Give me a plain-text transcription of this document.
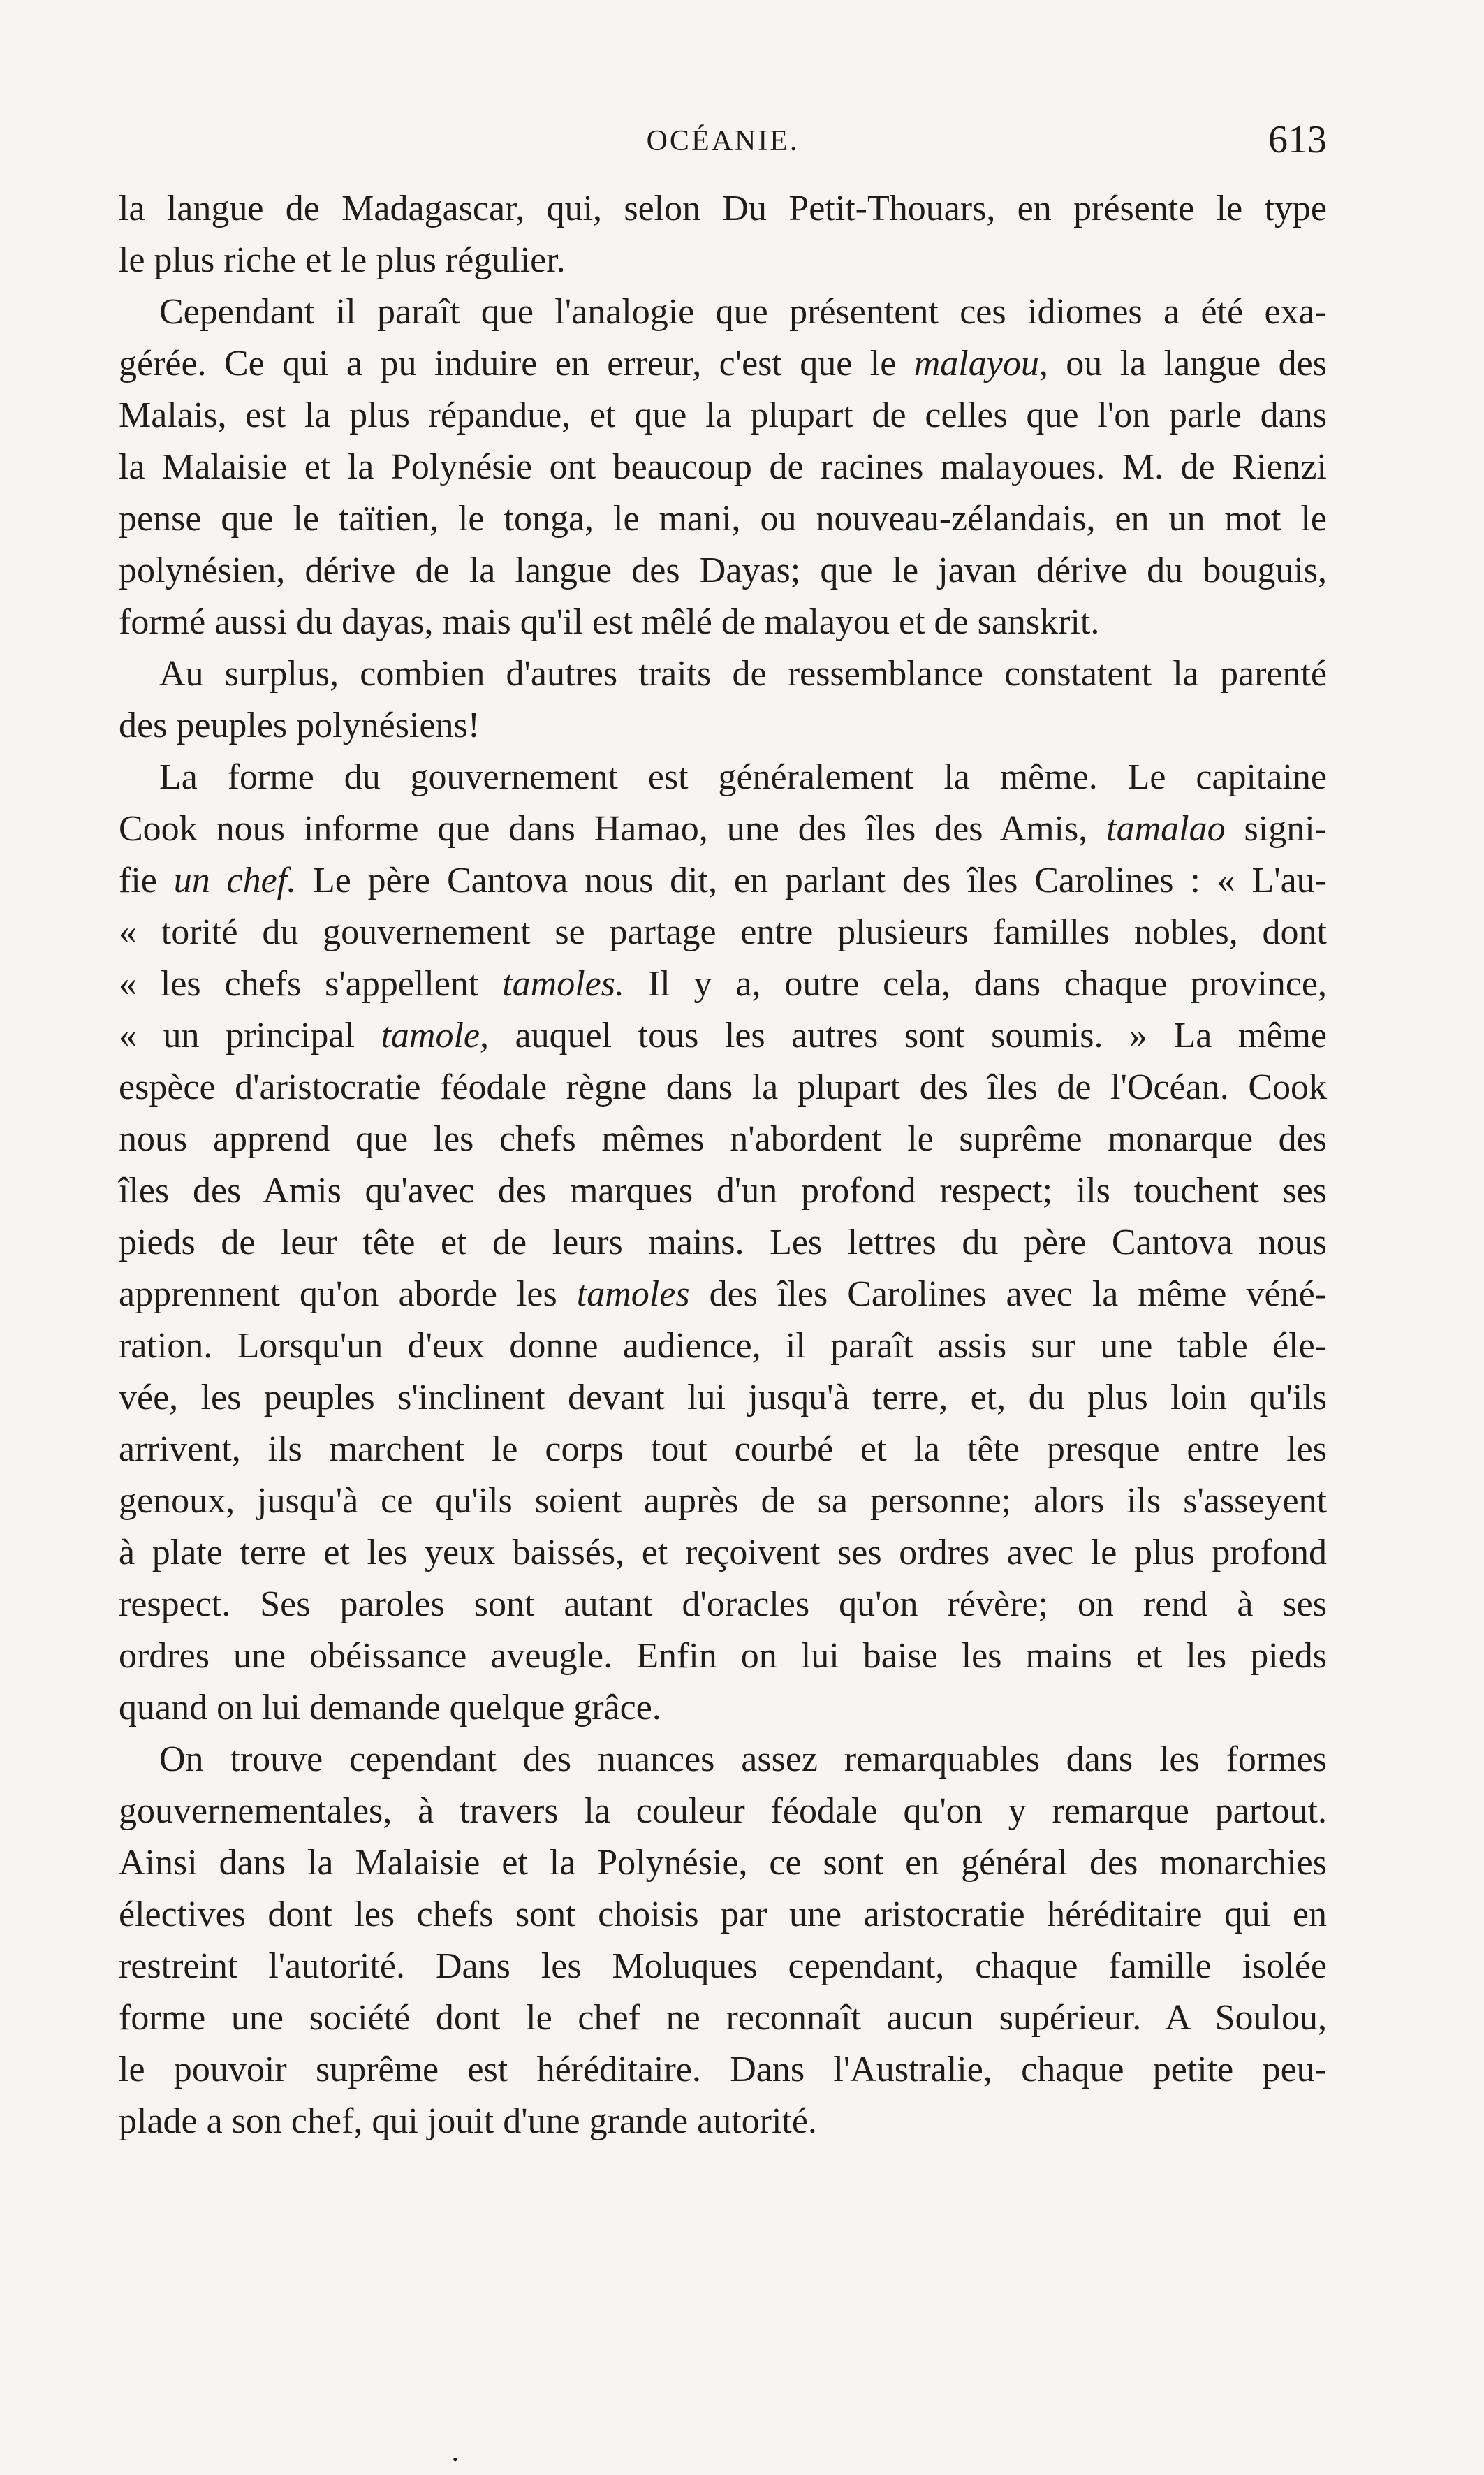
OCÉANIE.	613
la langue de Madagascar, qui, selon Du Petit-Thouars, en présente le type
le plus riche et le plus régulier.
Cependant il paraît que l'analogie que présentent ces idiomes a été exa-
gérée. Ce qui a pu induire en erreur, c'est que le malayou, ou la langue des
Malais, est la plus répandue, et que la plupart de celles que l'on parle dans
la Malaisie et la Polynésie ont beaucoup de racines malayoues. M. de Rienzi
pense que le taïtien, le tonga, le mani, ou nouveau-zélandais, en un mot le
polynésien, dérive de la langue des Dayas; que le javan dérive du bouguis,
formé aussi du dayas, mais qu'il est mêlé de malayou et de sanskrit.
Au surplus, combien d'autres traits de ressemblance constatent la parenté
des peuples polynésiens!
La forme du gouvernement est généralement la même. Le capitaine
Cook nous informe que dans Hamao, une des îles des Amis, tamalao signi-
fie un chef. Le père Cantova nous dit, en parlant des îles Carolines : « L'au-
« torité du gouvernement se partage entre plusieurs familles nobles, dont
« les chefs s'appellent tamoles. Il y a, outre cela, dans chaque province,
« un principal tamole, auquel tous les autres sont soumis. » La même
espèce d'aristocratie féodale règne dans la plupart des îles de l'Océan. Cook
nous apprend que les chefs mêmes n'abordent le suprême monarque des
îles des Amis qu'avec des marques d'un profond respect; ils touchent ses
pieds de leur tête et de leurs mains. Les lettres du père Cantova nous
apprennent qu'on aborde les tamoles des îles Carolines avec la même véné-
ration. Lorsqu'un d'eux donne audience, il paraît assis sur une table éle-
vée, les peuples s'inclinent devant lui jusqu'à terre, et, du plus loin qu'ils
arrivent, ils marchent le corps tout courbé et la tête presque entre les
genoux, jusqu'à ce qu'ils soient auprès de sa personne; alors ils s'asseyent
à plate terre et les yeux baissés, et reçoivent ses ordres avec le plus profond
respect. Ses paroles sont autant d'oracles qu'on révère; on rend à ses
ordres une obéissance aveugle. Enfin on lui baise les mains et les pieds
quand on lui demande quelque grâce.
On trouve cependant des nuances assez remarquables dans les formes
gouvernementales, à travers la couleur féodale qu'on y remarque partout.
Ainsi dans la Malaisie et la Polynésie, ce sont en général des monarchies
électives dont les chefs sont choisis par une aristocratie héréditaire qui en
restreint l'autorité. Dans les Moluques cependant, chaque famille isolée
forme une société dont le chef ne reconnaît aucun supérieur. A Soulou,
le pouvoir suprême est héréditaire. Dans l'Australie, chaque petite peu-
plade a son chef, qui jouit d'une grande autorité.
•
